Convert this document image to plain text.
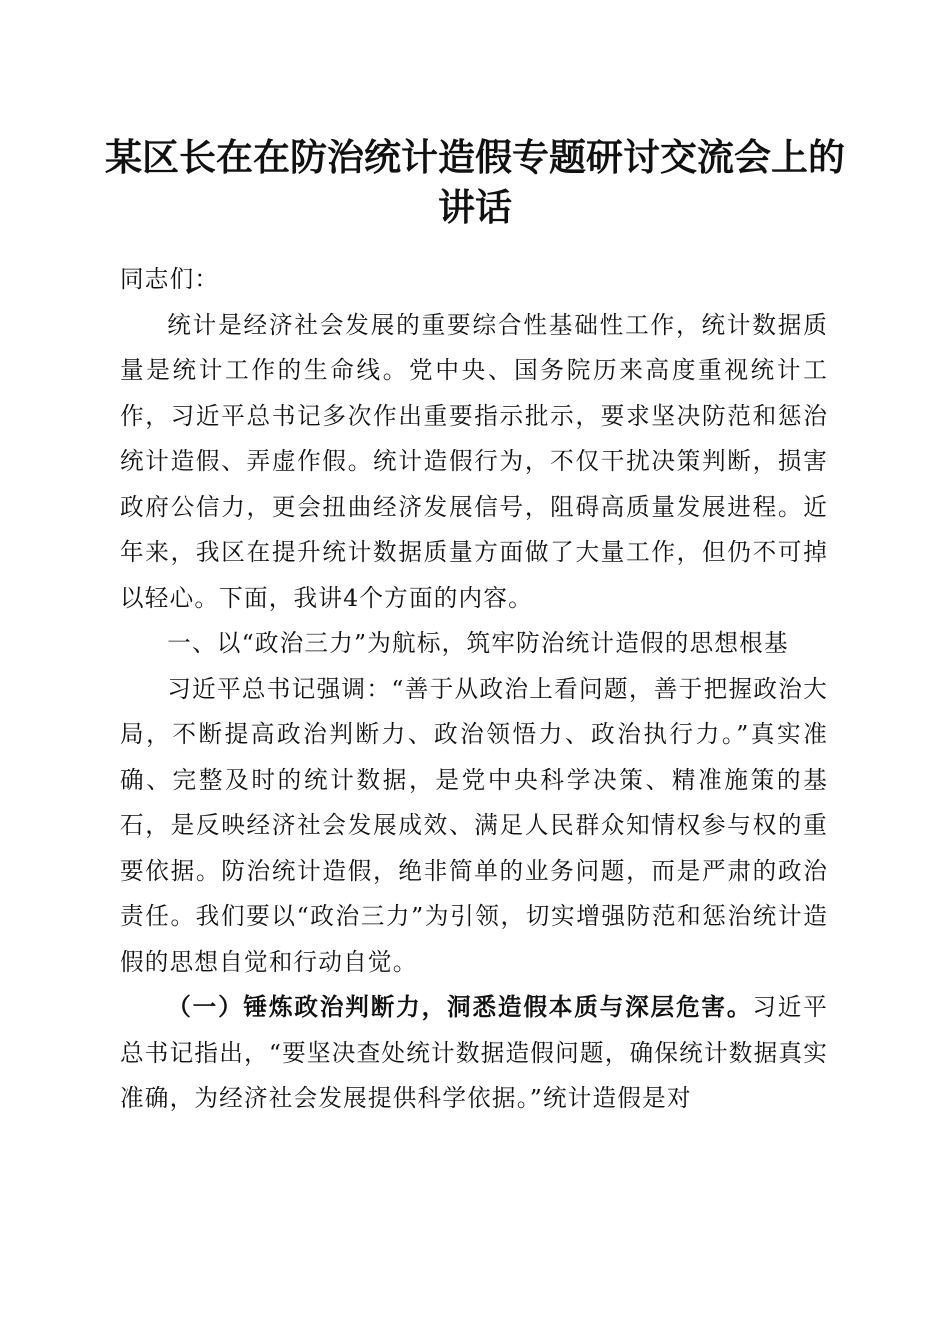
某区长在在防治统计造假专题研讨交流会上的讲话

同志们：

统计是经济社会发展的重要综合性基础性工作，统计数据质量是统计工作的生命线。党中央、国务院历来高度重视统计工作，习近平总书记多次作出重要指示批示，要求坚决防范和惩治统计造假、弄虚作假。统计造假行为，不仅干扰决策判断，损害政府公信力，更会扭曲经济发展信号，阻碍高质量发展进程。近年来，我区在提升统计数据质量方面做了大量工作，但仍不可掉以轻心。下面，我讲4个方面的内容。

一、以“政治三力”为航标，筑牢防治统计造假的思想根基

习近平总书记强调：“善于从政治上看问题，善于把握政治大局，不断提高政治判断力、政治领悟力、政治执行力。”真实准确、完整及时的统计数据，是党中央科学决策、精准施策的基石，是反映经济社会发展成效、满足人民群众知情权参与权的重要依据。防治统计造假，绝非简单的业务问题，而是严肃的政治责任。我们要以“政治三力”为引领，切实增强防范和惩治统计造假的思想自觉和行动自觉。

（一）锤炼政治判断力，洞悉造假本质与深层危害。习近平总书记指出，“要坚决查处统计数据造假问题，确保统计数据真实准确，为经济社会发展提供科学依据。”统计造假是对
